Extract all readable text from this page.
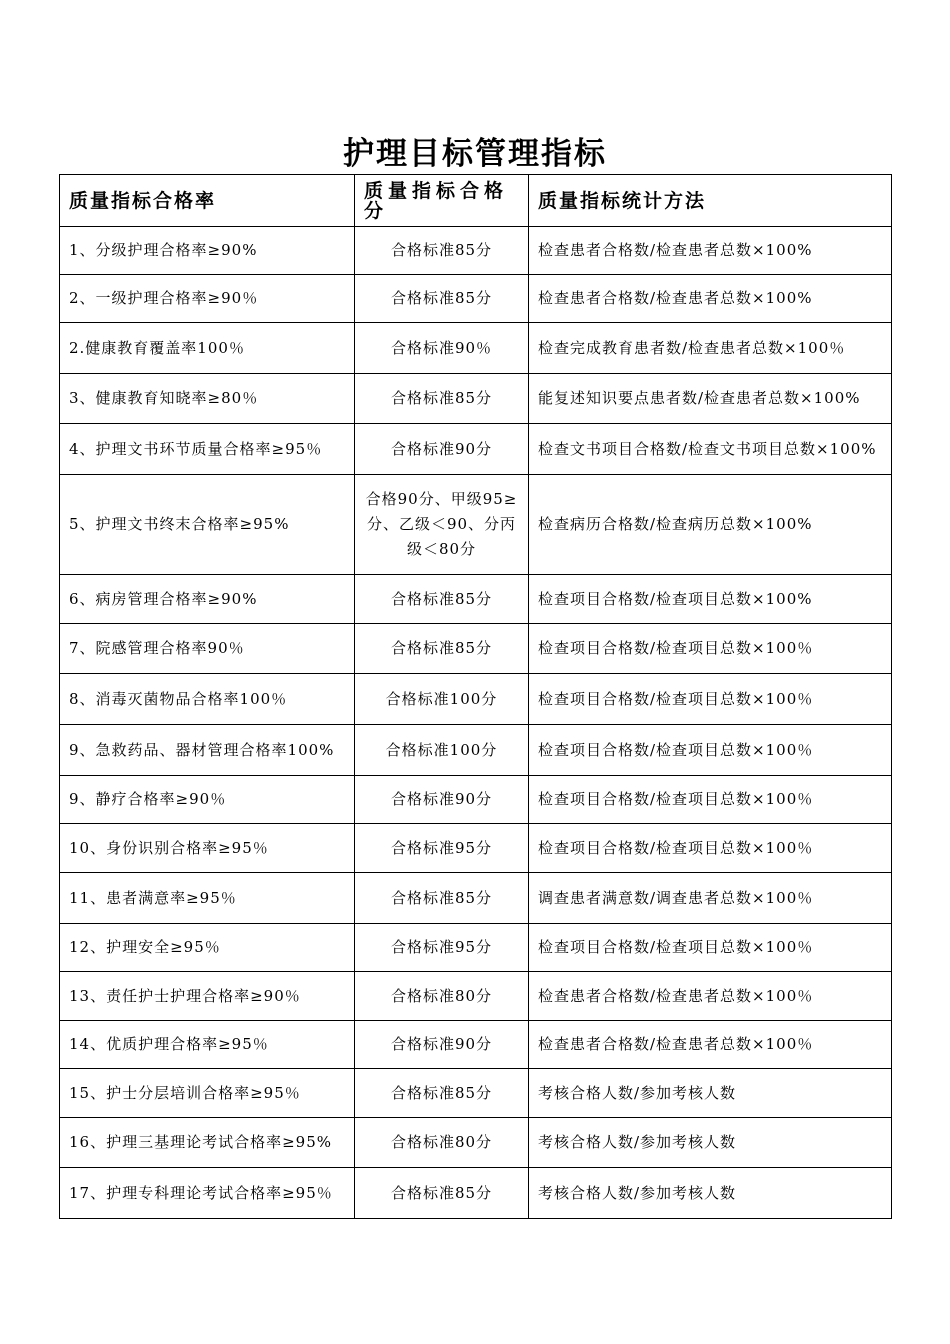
护理目标管理指标
质量指标合格率	质量指标合格分	质量指标统计方法
1、分级护理合格率≥90%	合格标准85分	检查患者合格数/检查患者总数×100%
2、一级护理合格率≥90％	合格标准85分	检查患者合格数/检查患者总数×100%
2.健康教育覆盖率100％	合格标准90％	检查完成教育患者数/检查患者总数×100％
3、健康教育知晓率≥80％	合格标准85分	能复述知识要点患者数/检查患者总数×100%
4、护理文书环节质量合格率≥95％	合格标准90分	检查文书项目合格数/检查文书项目总数×100%
5、护理文书终末合格率≥95%	合格90分、甲级95≥分、乙级＜90、分丙级＜80分	检查病历合格数/检查病历总数×100%
6、病房管理合格率≥90%	合格标准85分	检查项目合格数/检查项目总数×100%
7、院感管理合格率90％	合格标准85分	检查项目合格数/检查项目总数×100％
8、消毒灭菌物品合格率100％	合格标准100分	检查项目合格数/检查项目总数×100％
9、急救药品、器材管理合格率100%	合格标准100分	检查项目合格数/检查项目总数×100％
9、静疗合格率≥90％	合格标准90分	检查项目合格数/检查项目总数×100％
10、身份识别合格率≥95％	合格标准95分	检查项目合格数/检查项目总数×100％
11、患者满意率≥95％	合格标准85分	调查患者满意数/调查患者总数×100％
12、护理安全≥95％	合格标准95分	检查项目合格数/检查项目总数×100％
13、责任护士护理合格率≥90％	合格标准80分	检查患者合格数/检查患者总数×100％
14、优质护理合格率≥95％	合格标准90分	检查患者合格数/检查患者总数×100％
15、护士分层培训合格率≥95％	合格标准85分	考核合格人数/参加考核人数
16、护理三基理论考试合格率≥95%	合格标准80分	考核合格人数/参加考核人数
17、护理专科理论考试合格率≥95％	合格标准85分	考核合格人数/参加考核人数
